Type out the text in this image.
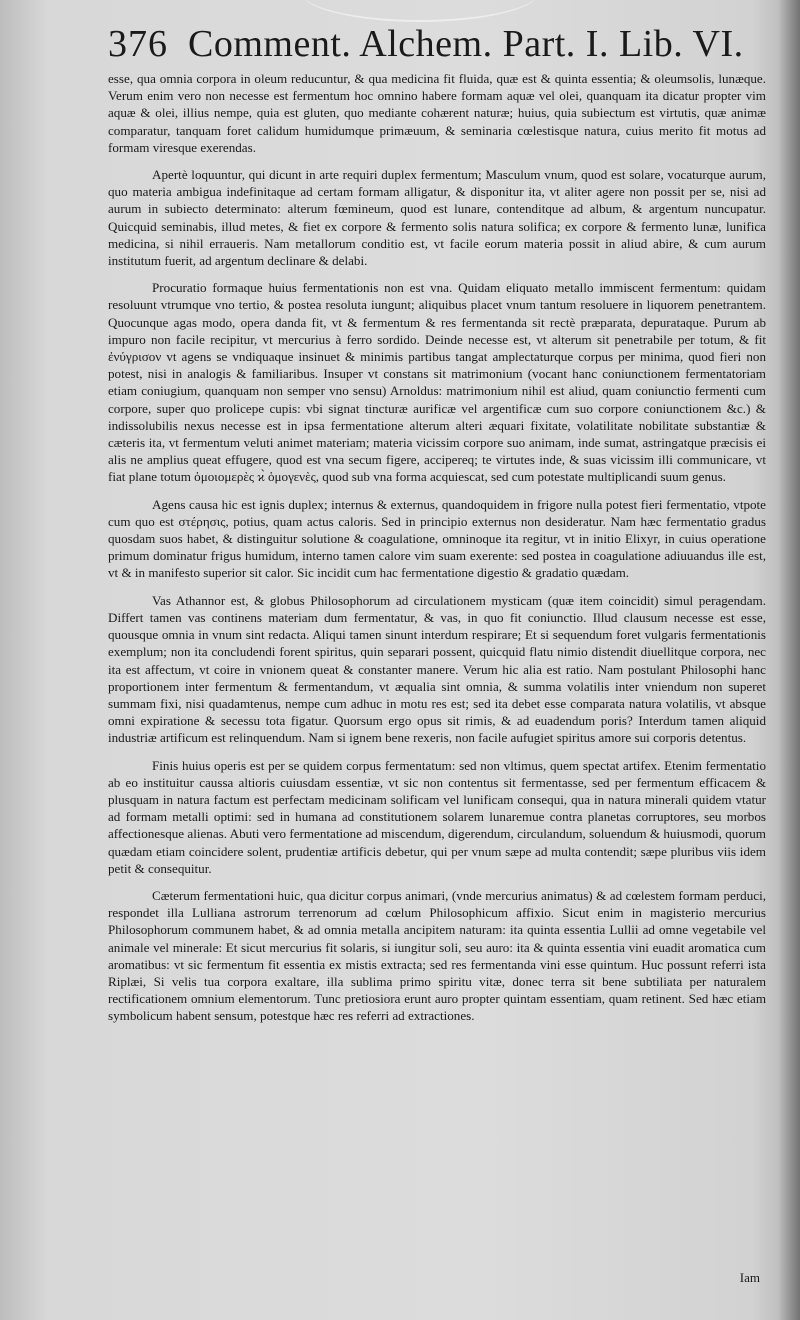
376 Comment. Alchem. Part. I. Lib. VI.

esse, qua omnia corpora in oleum reducuntur, & qua medicina fit fluida, quæ est & quinta essentia; & oleumsolis, lunæque. Verum enim vero non necesse est fermentum hoc omnino habere formam aquæ vel olei, quanquam ita dicatur propter vim aquæ & olei, illius nempe, quia est gluten, quo mediante cohærent naturæ; huius, quia subiectum est virtutis, quæ animæ comparatur, tanquam foret calidum humidumque primæuum, & seminaria cœlestisque natura, cuius merito fit motus ad formam viresque exerendas.

Apertè loquuntur, qui dicunt in arte requiri duplex fermentum; Masculum vnum, quod est solare, vocaturque aurum, quo materia ambigua indefinitaque ad certam formam alligatur, & disponitur ita, vt aliter agere non possit per se, nisi ad aurum in subiecto determinato: alterum fœmineum, quod est lunare, contenditque ad album, & argentum nuncupatur. Quicquid seminabis, illud metes, & fiet ex corpore & fermento solis natura solifica; ex corpore & fermento lunæ, lunifica medicina, si nihil erraueris. Nam metallorum conditio est, vt facile eorum materia possit in aliud abire, & cum aurum institutum fuerit, ad argentum declinare & delabi.

Procuratio formaque huius fermentationis non est vna. Quidam eliquato metallo immiscent fermentum: quidam resoluunt vtrumque vno tertio, & postea resoluta iungunt; aliquibus placet vnum tantum resoluere in liquorem penetrantem. Quocunque agas modo, opera danda fit, vt & fermentum & res fermentanda sit rectè præparata, depurataque. Purum ab impuro non facile recipitur, vt mercurius à ferro sordido. Deinde necesse est, vt alterum sit penetrabile per totum, & fit ἐνύγρισον vt agens se vndiquaque insinuet & minimis partibus tangat amplectaturque corpus per minima, quod fieri non potest, nisi in analogis & familiaribus. Insuper vt constans sit matrimonium (vocant hanc coniunctionem fermentatoriam etiam coniugium, quanquam non semper vno sensu) Arnoldus: matrimonium nihil est aliud, quam coniunctio fermenti cum corpore, super quo proliceре cupis: vbi signat tincturæ aurificæ vel argentificæ cum suo corpore coniunctionem &c.) & indissolubilis nexus necesse est in ipsa fermentatione alterum alteri æquari fixitate, volatilitate nobilitate substantiæ & cæteris ita, vt fermentum veluti animet materiam; materia vicissim corpore suo animam, inde sumat, astringatque præcisis ei alis ne amplius queat effugere, quod est vna secum figere, accipereq; te virtutes inde, & suas vicissim illi communicare, vt fiat plane totum ὁμοιομερὲς ϰ̀ ὁμογενὲς, quod sub vna forma acquiescat, sed cum potestate multiplicandi suum genus.

Agens causa hic est ignis duplex; internus & externus, quandoquidem in frigore nulla potest fieri fermentatio, vtpote cum quo est στέρησις, potius, quam actus caloris. Sed in principio externus non desideratur. Nam hæc fermentatio gradus quosdam suos habet, & distinguitur solutione & coagulatione, omninoque ita regitur, vt in initio Elixyr, in cuius operatione primum dominatur frigus humidum, interno tamen calore vim suam exerente: sed postea in coagulatione adiuuandus ille est, vt & in manifesto superior sit calor. Sic incidit cum hac fermentatione digestio & gradatio quædam.

Vas Athannor est, & globus Philosophorum ad circulationem mysticam (quæ item coincidit) simul peragendam. Differt tamen vas continens materiam dum fermentatur, & vas, in quo fit coniunctio. Illud clausum necesse est esse, quousque omnia in vnum sint redacta. Aliqui tamen sinunt interdum respirare; Et si sequendum foret vulgaris fermentationis exemplum; non ita concludendi forent spiritus, quin separari possent, quicquid flatu nimio distendit diuellitque corpora, nec ita est affectum, vt coire in vnionem queat & constanter manere. Verum hic alia est ratio. Nam postulant Philosophi hanc proportionem inter fermentum & fermentandum, vt æqualia sint omnia, & summa volatilis inter vniendum non superet summam fixi, nisi quadamtenus, nempe cum adhuc in motu res est; sed ita debet esse comparata natura volatilis, vt absque omni expiratione & secessu tota figatur. Quorsum ergo opus sit rimis, & ad euadendum poris? Interdum tamen aliquid industriæ artificum est relinquendum. Nam si ignem bene rexeris, non facile aufugiet spiritus amore sui corporis detentus.

Finis huius operis est per se quidem corpus fermentatum: sed non vltimus, quem spectat artifex. Etenim fermentatio ab eo instituitur caussa altioris cuiusdam essentiæ, vt sic non contentus sit fermentasse, sed per fermentum efficacem & plusquam in natura factum est perfectam medicinam solificam vel lunificam consequi, qua in natura minerali quidem vtatur ad formam metalli optimi: sed in humana ad constitutionem solarem lunaremue contra planetas corruptores, seu morbos affectionesque alienas. Abuti vero fermentatione ad miscendum, digerendum, circulandum, soluendum & huiusmodi, quorum quædam etiam coincidere solent, prudentiæ artificis debetur, qui per vnum sæpe ad multa contendit; sæpe pluribus viis idem petit & consequitur.

Cæterum fermentationi huic, qua dicitur corpus animari, (vnde mercurius animatus) & ad cœlestem formam perduci, respondet illa Lulliana astrorum terrenorum ad cœlum Philosophicum affixio. Sicut enim in magisterio mercurius Philosophorum communem habet, & ad omnia metalla ancipitem naturam: ita quinta essentia Lullii ad omne vegetabile vel animale vel minerale: Et sicut mercurius fit solaris, si iungitur soli, seu auro: ita & quinta essentia vini euadit aromatica cum aromatibus: vt sic fermentum fit essentia ex mistis extracta; sed res fermentanda vini esse quintum. Huc possunt referri ista Riplæi, Si velis tua corpora exaltare, illa sublima primo spiritu vitæ, donec terra sit bene subtiliata per naturalem rectificationem omnium elementorum. Tunc pretiosiora erunt auro propter quintam essentiam, quam retinent. Sed hæc etiam symbolicum habent sensum, potestque hæc res referri ad extractiones.

Iam
